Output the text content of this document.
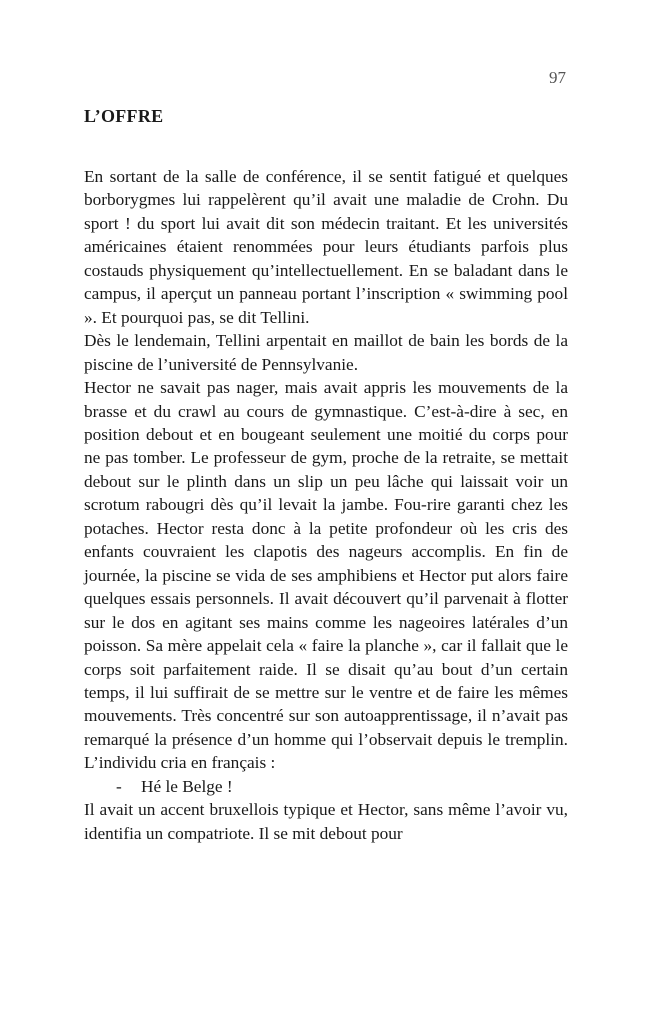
97
L’OFFRE

En sortant de la salle de conférence, il se sentit fatigué et quelques borborygmes lui rappelèrent qu’il avait une maladie de Crohn. Du sport ! du sport lui avait dit son médecin traitant. Et les universités américaines étaient renommées pour leurs étudiants parfois plus costauds physiquement qu’intellectuellement. En se baladant dans le campus, il aperçut un panneau portant l’inscription « swimming pool ». Et pourquoi pas, se dit Tellini.

Dès le lendemain, Tellini arpentait en maillot de bain les bords de la piscine de l’université de Pennsylvanie.

Hector ne savait pas nager, mais avait appris les mouvements de la brasse et du crawl au cours de gymnastique. C’est-à-dire à sec, en position debout et en bougeant seulement une moitié du corps pour ne pas tomber. Le professeur de gym, proche de la retraite, se mettait debout sur le plinth dans un slip un peu lâche qui laissait voir un scrotum rabougri dès qu’il levait la jambe. Fou-rire garanti chez les potaches. Hector resta donc à la petite profondeur où les cris des enfants couvraient les clapotis des nageurs accomplis. En fin de journée, la piscine se vida de ses amphibiens et Hector put alors faire quelques essais personnels. Il avait découvert qu’il parvenait à flotter sur le dos en agitant ses mains comme les nageoires latérales d’un poisson. Sa mère appelait cela « faire la planche », car il fallait que le corps soit parfaitement raide. Il se disait qu’au bout d’un certain temps, il lui suffirait de se mettre sur le ventre et de faire les mêmes mouvements. Très concentré sur son autoapprentissage, il n’avait pas remarqué la présence d’un homme qui l’observait depuis le tremplin. L’individu cria en français :

-	Hé le Belge !

Il avait un accent bruxellois typique et Hector, sans même l’avoir vu, identifia un compatriote. Il se mit debout pour
